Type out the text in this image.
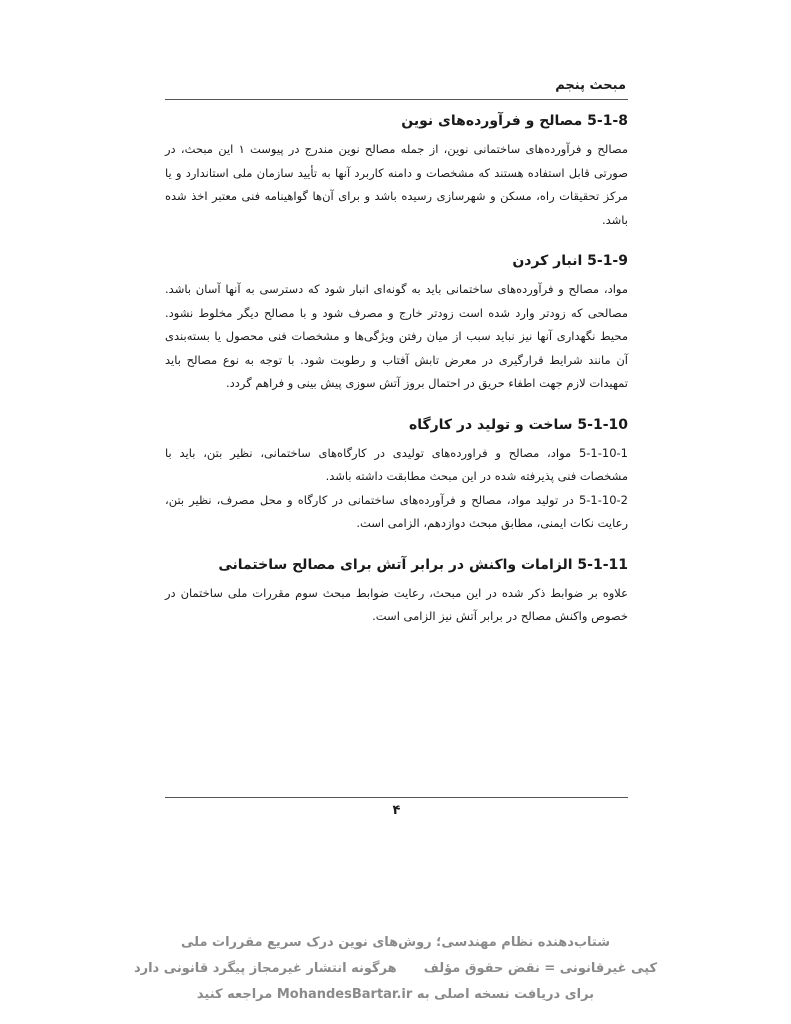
مبحث پنجم
5-1-8 مصالح و فرآورده‌های نوین

مصالح و فرآورده‌های ساختمانی نوین، از جمله مصالح نوین مندرج در پیوست ۱ این مبحث، در صورتی قابل استفاده هستند که مشخصات و دامنه کاربرد آنها به تأیید سازمان ملی استاندارد و یا مرکز تحقیقات راه، مسکن و شهرسازی رسیده باشد و برای آن‌ها گواهینامه فنی معتبر اخذ شده باشد.

5-1-9 انبار کردن

مواد، مصالح و فرآورده‌های ساختمانی باید به گونه‌ای انبار شود که دسترسی به آنها آسان باشد. مصالحی که زودتر وارد شده است زودتر خارج و مصرف شود و با مصالح دیگر مخلوط نشود. محیط نگهداری آنها نیز نباید سبب از میان رفتن ویژگی‌ها و مشخصات فنی محصول یا بسته‌بندی آن مانند شرایط قرارگیری در معرض تابش آفتاب و رطوبت شود. با توجه به نوع مصالح باید تمهیدات لازم جهت اطفاء حریق در احتمال بروز آتش سوزی پیش بینی و فراهم گردد.

5-1-10 ساخت و تولید در کارگاه

5-1-10-1 مواد، مصالح و فراورده‌های تولیدی در کارگاه‌های ساختمانی، نظیر بتن، باید با مشخصات فنی پذیرفته شده در این مبحث مطابقت داشته باشد.

5-1-10-2 در تولید مواد، مصالح و فرآورده‌های ساختمانی در کارگاه و محل مصرف، نظیر بتن، رعایت نکات ایمنی، مطابق مبحث دوازدهم، الزامی است.

5-1-11 الزامات واکنش در برابر آتش برای مصالح ساختمانی

علاوه بر ضوابط ذکر شده در این مبحث، رعایت ضوابط مبحث سوم مقررات ملی ساختمان در خصوص واکنش مصالح در برابر آتش نیز الزامی است.

۴
شتاب‌دهنده نظام مهندسی؛ روش‌های نوین درک سریع مقررات ملی
کپی غیرقانونی = نقض حقوق مؤلف  هرگونه انتشار غیرمجاز پیگرد قانونی دارد
برای دریافت نسخه اصلی به MohandesBartar.ir مراجعه کنید
